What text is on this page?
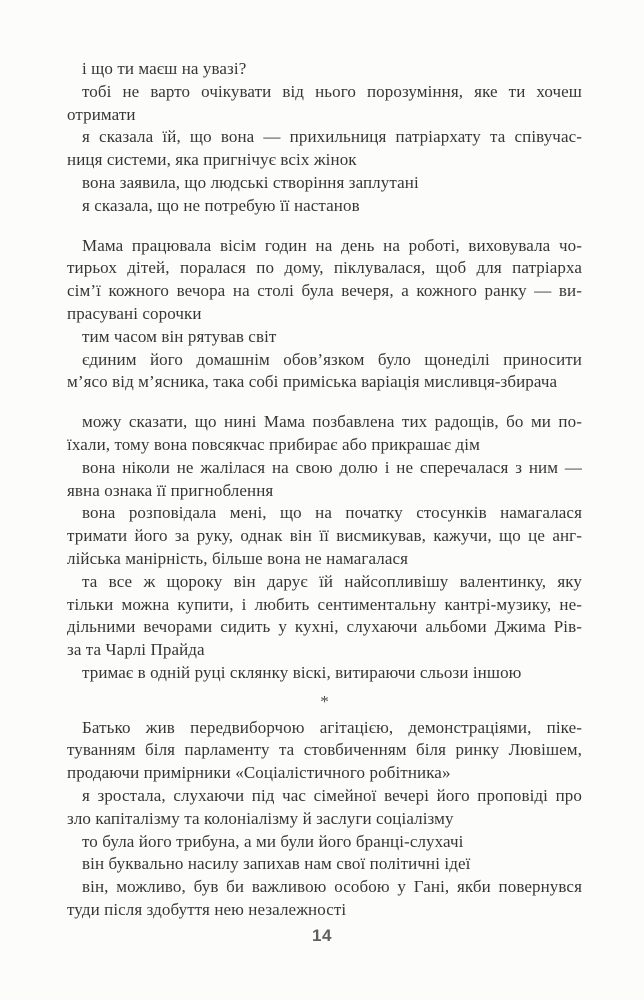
і що ти маєш на увазі?
тобі не варто очікувати від нього порозуміння, яке ти хочеш
отримати
я сказала їй, що вона — прихильниця патріархату та співучас-
ниця системи, яка пригнічує всіх жінок
вона заявила, що людські створіння заплутані
я сказала, що не потребую її настанов
Мама працювала вісім годин на день на роботі, виховувала чо-
тирьох дітей, поралася по дому, піклувалася, щоб для патріарха
сім’ї кожного вечора на столі була вечеря, а кожного ранку — ви-
прасувані сорочки
тим часом він рятував світ
єдиним його домашнім обов’язком було щонеділі приносити
м’ясо від м’ясника, така собі приміська варіація мисливця-збирача
можу сказати, що нині Мама позбавлена тих радощів, бо ми по-
їхали, тому вона повсякчас прибирає або прикрашає дім
вона ніколи не жалілася на свою долю і не сперечалася з ним —
явна ознака її пригноблення
вона розповідала мені, що на початку стосунків намагалася
тримати його за руку, однак він її висмикував, кажучи, що це анг-
лійська манірність, більше вона не намагалася
та все ж щороку він дарує їй найсопливішу валентинку, яку
тільки можна купити, і любить сентиментальну кантрі-музику, не-
дільними вечорами сидить у кухні, слухаючи альбоми Джима Рів-
за та Чарлі Прайда
тримає в одній руці склянку віскі, витираючи сльози іншою
*
Батько жив передвиборчою агітацією, демонстраціями, піке-
туванням біля парламенту та стовбиченням біля ринку Лювішем,
продаючи примірники «Соціалістичного робітника»
я зростала, слухаючи під час сімейної вечері його проповіді про
зло капіталізму та колоніалізму й заслуги соціалізму
то була його трибуна, а ми були його бранці-слухачі
він буквально насилу запихав нам свої політичні ідеї
він, можливо, був би важливою особою у Гані, якби повернувся
туди після здобуття нею незалежності
14
